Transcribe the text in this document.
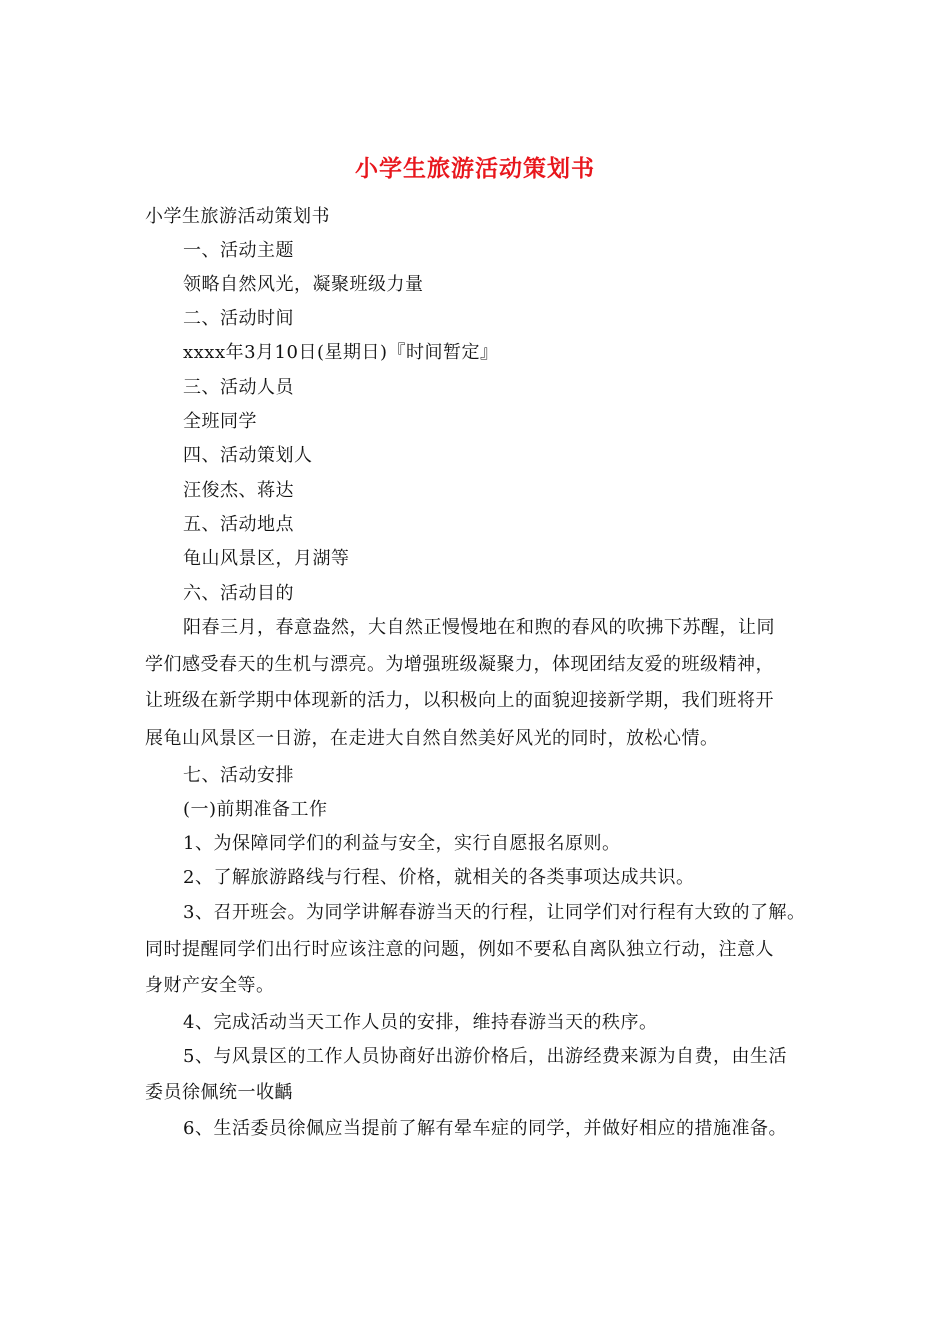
小学生旅游活动策划书
小学生旅游活动策划书
一、活动主题
领略自然风光，凝聚班级力量
二、活动时间
xxxx年3月10日(星期日)『时间暂定』
三、活动人员
全班同学
四、活动策划人
汪俊杰、蒋达
五、活动地点
龟山风景区，月湖等
六、活动目的
阳春三月，春意盎然，大自然正慢慢地在和煦的春风的吹拂下苏醒，让同
学们感受春天的生机与漂亮。为增强班级凝聚力，体现团结友爱的班级精神，
让班级在新学期中体现新的活力，以积极向上的面貌迎接新学期，我们班将开
展龟山风景区一日游，在走进大自然自然美好风光的同时，放松心情。
七、活动安排
(一)前期准备工作
1、为保障同学们的利益与安全，实行自愿报名原则。
2、了解旅游路线与行程、价格，就相关的各类事项达成共识。
3、召开班会。为同学讲解春游当天的行程，让同学们对行程有大致的了解。
同时提醒同学们出行时应该注意的问题，例如不要私自离队独立行动，注意人
身财产安全等。
4、完成活动当天工作人员的安排，维持春游当天的秩序。
5、与风景区的工作人员协商好出游价格后，出游经费来源为自费，由生活
委员徐佩统一收齲
6、生活委员徐佩应当提前了解有晕车症的同学，并做好相应的措施准备。
